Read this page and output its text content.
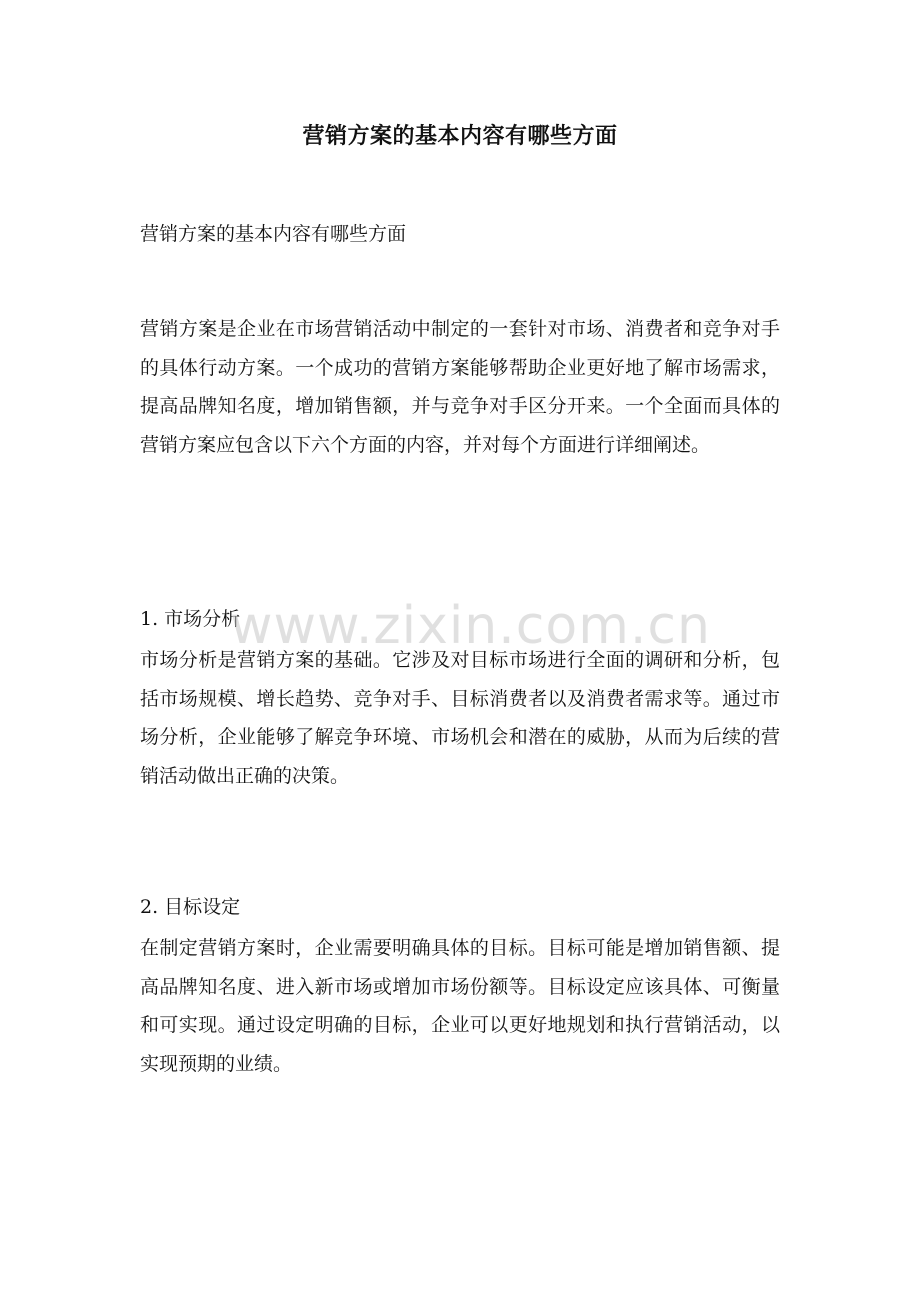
营销方案的基本内容有哪些方面
营销方案的基本内容有哪些方面
营销方案是企业在市场营销活动中制定的一套针对市场、消费者和竞争对手的具体行动方案。一个成功的营销方案能够帮助企业更好地了解市场需求，提高品牌知名度，增加销售额，并与竞争对手区分开来。一个全面而具体的营销方案应包含以下六个方面的内容，并对每个方面进行详细阐述。
1. 市场分析
市场分析是营销方案的基础。它涉及对目标市场进行全面的调研和分析，包括市场规模、增长趋势、竞争对手、目标消费者以及消费者需求等。通过市场分析，企业能够了解竞争环境、市场机会和潜在的威胁，从而为后续的营销活动做出正确的决策。
2. 目标设定
在制定营销方案时，企业需要明确具体的目标。目标可能是增加销售额、提高品牌知名度、进入新市场或增加市场份额等。目标设定应该具体、可衡量和可实现。通过设定明确的目标，企业可以更好地规划和执行营销活动，以实现预期的业绩。
www.zixin.com.cn
